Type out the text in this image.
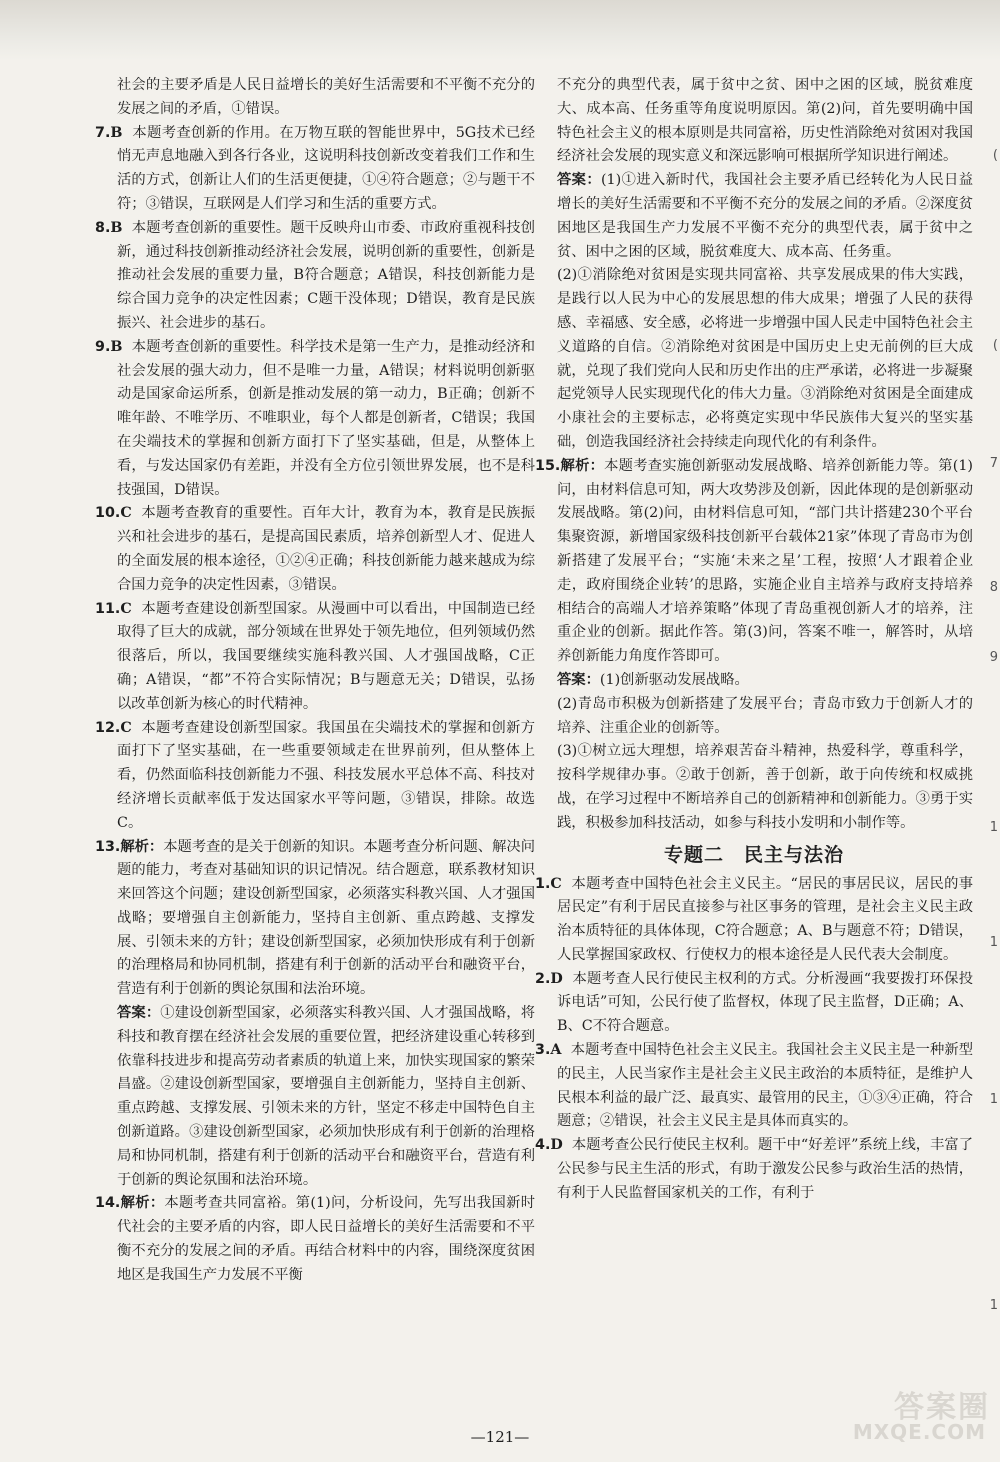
社会的主要矛盾是人民日益增长的美好生活需要和不平衡不充分的发展之间的矛盾，①错误。

7.B 本题考查创新的作用。在万物互联的智能世界中，5G技术已经悄无声息地融入到各行各业，这说明科技创新改变着我们工作和生活的方式，创新让人们的生活更便捷，①④符合题意；②与题干不符；③错误，互联网是人们学习和生活的重要方式。

8.B 本题考查创新的重要性。题干反映舟山市委、市政府重视科技创新，通过科技创新推动经济社会发展，说明创新的重要性，创新是推动社会发展的重要力量，B符合题意；A错误，科技创新能力是综合国力竞争的决定性因素；C题干没体现；D错误，教育是民族振兴、社会进步的基石。

9.B 本题考查创新的重要性。科学技术是第一生产力，是推动经济和社会发展的强大动力，但不是唯一力量，A错误；材料说明创新驱动是国家命运所系，创新是推动发展的第一动力，B正确；创新不唯年龄、不唯学历、不唯职业，每个人都是创新者，C错误；我国在尖端技术的掌握和创新方面打下了坚实基础，但是，从整体上看，与发达国家仍有差距，并没有全方位引领世界发展，也不是科技强国，D错误。

10.C 本题考查教育的重要性。百年大计，教育为本，教育是民族振兴和社会进步的基石，是提高国民素质，培养创新型人才、促进人的全面发展的根本途径，①②④正确；科技创新能力越来越成为综合国力竞争的决定性因素，③错误。

11.C 本题考查建设创新型国家。从漫画中可以看出，中国制造已经取得了巨大的成就，部分领域在世界处于领先地位，但列领域仍然很落后，所以，我国要继续实施科教兴国、人才强国战略，C正确；A错误，“都”不符合实际情况；B与题意无关；D错误，弘扬以改革创新为核心的时代精神。

12.C 本题考查建设创新型国家。我国虽在尖端技术的掌握和创新方面打下了坚实基础，在一些重要领域走在世界前列，但从整体上看，仍然面临科技创新能力不强、科技发展水平总体不高、科技对经济增长贡献率低于发达国家水平等问题，③错误，排除。故选C。

13.解析：本题考查的是关于创新的知识。本题考查分析问题、解决问题的能力，考查对基础知识的识记情况。结合题意，联系教材知识来回答这个问题；建设创新型国家，必须落实科教兴国、人才强国战略；要增强自主创新能力，坚持自主创新、重点跨越、支撑发展、引领未来的方针；建设创新型国家，必须加快形成有利于创新的治理格局和协同机制，搭建有利于创新的活动平台和融资平台，营造有利于创新的舆论氛围和法治环境。

答案：①建设创新型国家，必须落实科教兴国、人才强国战略，将科技和教育摆在经济社会发展的重要位置，把经济建设重心转移到依靠科技进步和提高劳动者素质的轨道上来，加快实现国家的繁荣昌盛。②建设创新型国家，要增强自主创新能力，坚持自主创新、重点跨越、支撑发展、引领未来的方针，坚定不移走中国特色自主创新道路。③建设创新型国家，必须加快形成有利于创新的治理格局和协同机制，搭建有利于创新的活动平台和融资平台，营造有利于创新的舆论氛围和法治环境。

14.解析：本题考查共同富裕。第(1)问，分析设问，先写出我国新时代社会的主要矛盾的内容，即人民日益增长的美好生活需要和不平衡不充分的发展之间的矛盾。再结合材料中的内容，围绕深度贫困地区是我国生产力发展不平衡

不充分的典型代表，属于贫中之贫、困中之困的区域，脱贫难度大、成本高、任务重等角度说明原因。第(2)问，首先要明确中国特色社会主义的根本原则是共同富裕，历史性消除绝对贫困对我国经济社会发展的现实意义和深远影响可根据所学知识进行阐述。

答案：(1)①进入新时代，我国社会主要矛盾已经转化为人民日益增长的美好生活需要和不平衡不充分的发展之间的矛盾。②深度贫困地区是我国生产力发展不平衡不充分的典型代表，属于贫中之贫、困中之困的区域，脱贫难度大、成本高、任务重。

(2)①消除绝对贫困是实现共同富裕、共享发展成果的伟大实践，是践行以人民为中心的发展思想的伟大成果；增强了人民的获得感、幸福感、安全感，必将进一步增强中国人民走中国特色社会主义道路的自信。②消除绝对贫困是中国历史上史无前例的巨大成就，兑现了我们党向人民和历史作出的庄严承诺，必将进一步凝聚起党领导人民实现现代化的伟大力量。③消除绝对贫困是全面建成小康社会的主要标志，必将奠定实现中华民族伟大复兴的坚实基础，创造我国经济社会持续走向现代化的有利条件。

15.解析：本题考查实施创新驱动发展战略、培养创新能力等。第(1)问，由材料信息可知，两大攻势涉及创新，因此体现的是创新驱动发展战略。第(2)问，由材料信息可知，“部门共计搭建230个平台集聚资源，新增国家级科技创新平台载体21家”体现了青岛市为创新搭建了发展平台；“实施‘未来之星’工程，按照‘人才跟着企业走，政府围绕企业转’的思路，实施企业自主培养与政府支持培养相结合的高端人才培养策略”体现了青岛重视创新人才的培养，注重企业的创新。据此作答。第(3)问，答案不唯一，解答时，从培养创新能力角度作答即可。

答案：(1)创新驱动发展战略。

(2)青岛市积极为创新搭建了发展平台；青岛市致力于创新人才的培养、注重企业的创新等。

(3)①树立远大理想，培养艰苦奋斗精神，热爱科学，尊重科学，按科学规律办事。②敢于创新，善于创新，敢于向传统和权威挑战，在学习过程中不断培养自己的创新精神和创新能力。③勇于实践，积极参加科技活动，如参与科技小发明和小制作等。

专题二 民主与法治

1.C 本题考查中国特色社会主义民主。“居民的事居民议，居民的事居民定”有利于居民直接参与社区事务的管理，是社会主义民主政治本质特征的具体体现，C符合题意；A、B与题意不符；D错误，人民掌握国家政权、行使权力的根本途径是人民代表大会制度。

2.D 本题考查人民行使民主权利的方式。分析漫画“我要拨打环保投诉电话”可知，公民行使了监督权，体现了民主监督，D正确；A、B、C不符合题意。

3.A 本题考查中国特色社会主义民主。我国社会主义民主是一种新型的民主，人民当家作主是社会主义民主政治的本质特征，是维护人民根本利益的最广泛、最真实、最管用的民主，①③④正确，符合题意；②错误，社会主义民主是具体而真实的。

4.D 本题考查公民行使民主权利。题干中“好差评”系统上线，丰富了公民参与民主生活的形式，有助于激发公民参与政治生活的热情，有利于人民监督国家机关的工作，有利于

(
(
7
8
9
1
1
1
1
—121—
答案圈
MXQE.COM
